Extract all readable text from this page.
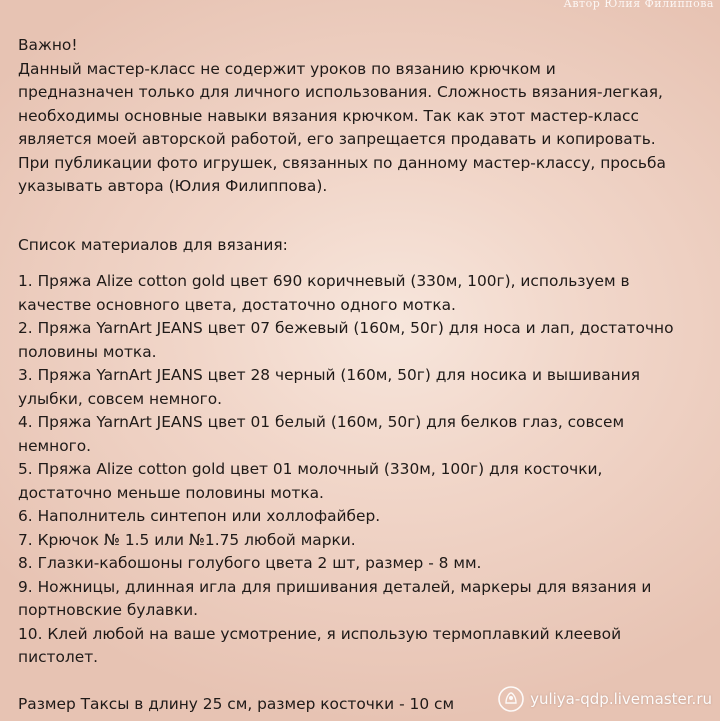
Автор Юлия Филиппова

Важно!

Данный мастер-класс не содержит уроков по вязанию крючком и

предназначен только для личного использования. Сложность вязания-легкая,

необходимы основные навыки вязания крючком. Так как этот мастер-класс

является моей авторской работой, его запрещается продавать и копировать.

При публикации фото игрушек, связанных по данному мастер-классу, просьба

указывать автора (Юлия Филиппова).

Список материалов для вязания:

1. Пряжа Alize cotton gold цвет 690 коричневый (330м, 100г), используем в
качестве основного цвета, достаточно одного мотка.
2. Пряжа YarnArt JEANS цвет 07 бежевый (160м, 50г) для носа и лап, достаточно
половины мотка.
3. Пряжа YarnArt JEANS цвет 28 черный (160м, 50г) для носика и вышивания
улыбки, совсем немного.
4. Пряжа YarnArt JEANS цвет 01 белый (160м, 50г) для белков глаз, совсем
немного.
5. Пряжа Alize cotton gold цвет 01 молочный (330м, 100г) для косточки,
достаточно меньше половины мотка.
6. Наполнитель синтепон или холлофайбер.
7. Крючок № 1.5 или №1.75 любой марки.
8. Глазки-кабошоны голубого цвета 2 шт, размер - 8 мм.
9. Ножницы, длинная игла для пришивания деталей, маркеры для вязания и
портновские булавки.
10. Клей любой на ваше усмотрение, я использую термоплавкий клеевой
пистолет.

Размер Таксы в длину 25 см, размер косточки - 10 см	yuliya-qdp.livemaster.ru
